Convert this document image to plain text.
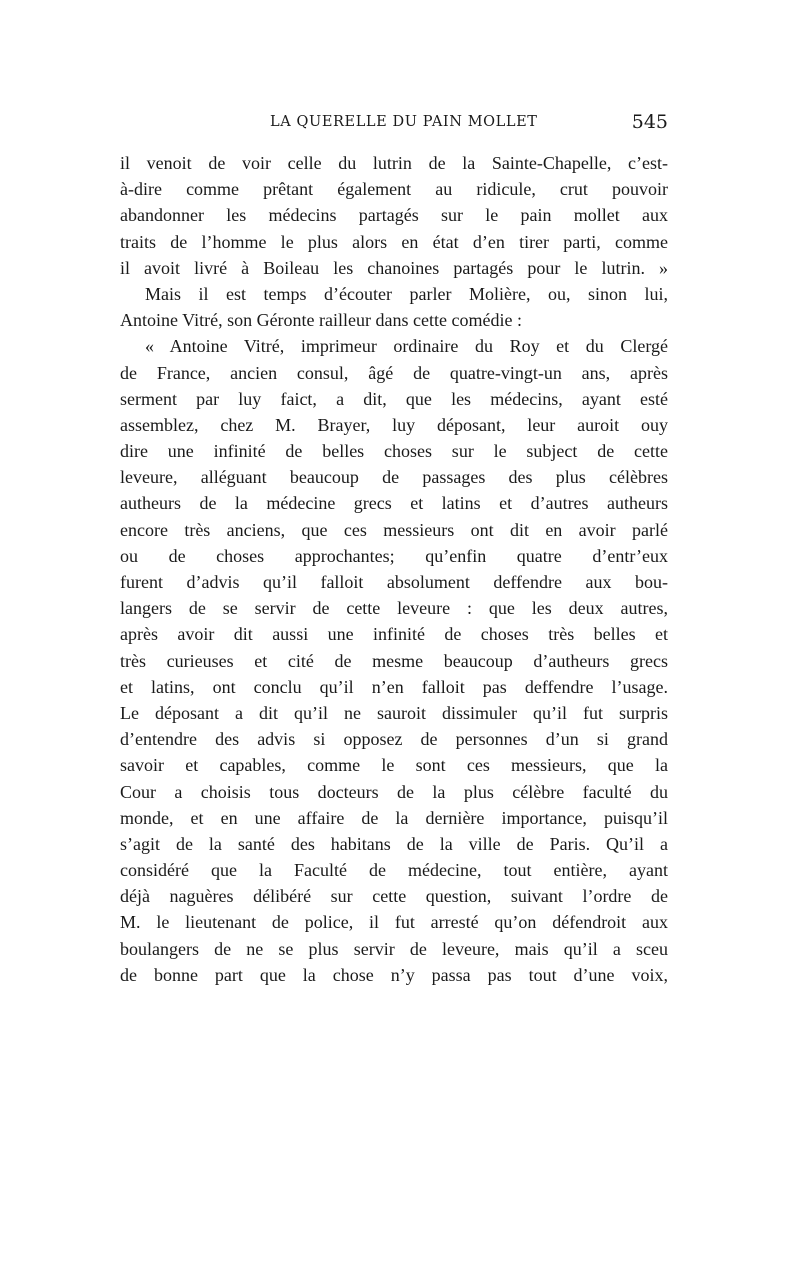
LA QUERELLE DU PAIN MOLLET	545
il venoit de voir celle du lutrin de la Sainte-Chapelle, c’est-
à-dire comme prêtant également au ridicule, crut pouvoir
abandonner les médecins partagés sur le pain mollet aux
traits de l’homme le plus alors en état d’en tirer parti, comme
il avoit livré à Boileau les chanoines partagés pour le lutrin. »
Mais il est temps d’écouter parler Molière, ou, sinon lui,
Antoine Vitré, son Géronte railleur dans cette comédie :
« Antoine Vitré, imprimeur ordinaire du Roy et du Clergé
de France, ancien consul, âgé de quatre-vingt-un ans, après
serment par luy faict, a dit, que les médecins, ayant esté
assemblez, chez M. Brayer, luy déposant, leur auroit ouy
dire une infinité de belles choses sur le subject de cette
leveure, alléguant beaucoup de passages des plus célèbres
autheurs de la médecine grecs et latins et d’autres autheurs
encore très anciens, que ces messieurs ont dit en avoir parlé
ou de choses approchantes; qu’enfin quatre d’entr’eux
furent d’advis qu’il falloit absolument deffendre aux bou-
langers de se servir de cette leveure : que les deux autres,
après avoir dit aussi une infinité de choses très belles et
très curieuses et cité de mesme beaucoup d’autheurs grecs
et latins, ont conclu qu’il n’en falloit pas deffendre l’usage.
Le déposant a dit qu’il ne sauroit dissimuler qu’il fut surpris
d’entendre des advis si opposez de personnes d’un si grand
savoir et capables, comme le sont ces messieurs, que la
Cour a choisis tous docteurs de la plus célèbre faculté du
monde, et en une affaire de la dernière importance, puisqu’il
s’agit de la santé des habitans de la ville de Paris. Qu’il a
considéré que la Faculté de médecine, tout entière, ayant
déjà naguères délibéré sur cette question, suivant l’ordre de
M. le lieutenant de police, il fut arresté qu’on défendroit aux
boulangers de ne se plus servir de leveure, mais qu’il a sceu
de bonne part que la chose n’y passa pas tout d’une voix,
